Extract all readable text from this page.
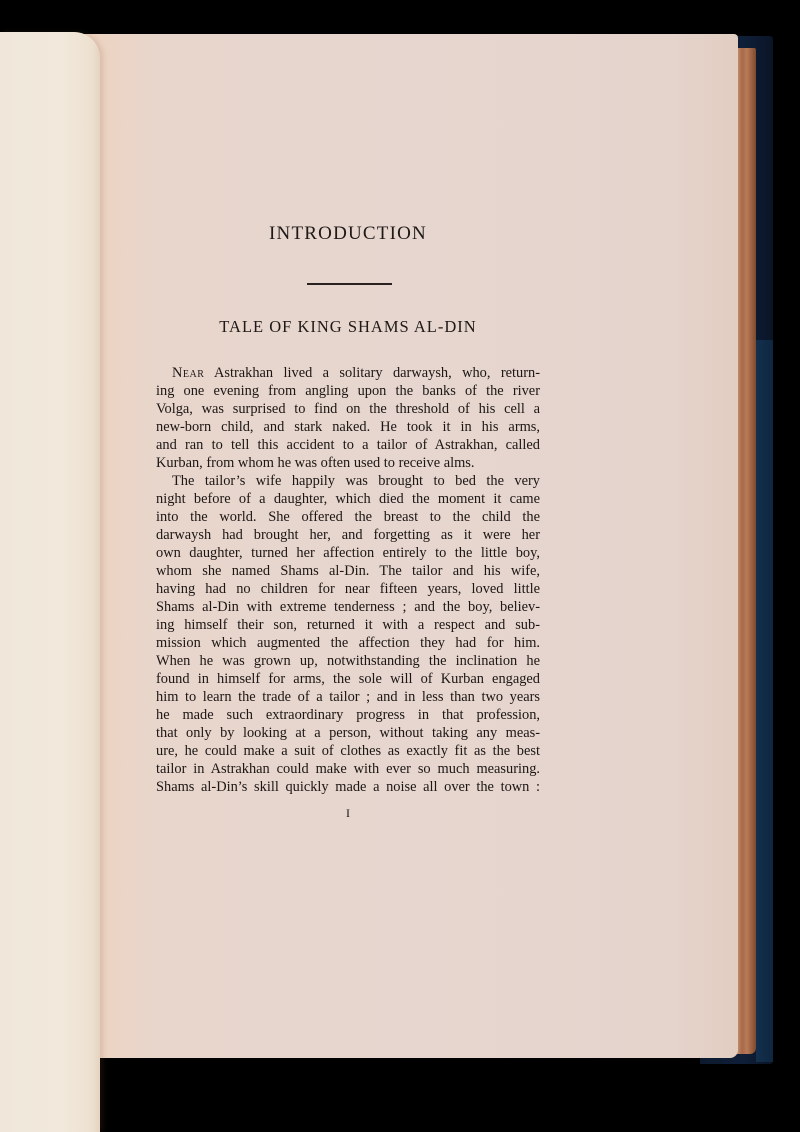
INTRODUCTION
TALE OF KING SHAMS AL-DIN
Near Astrakhan lived a solitary darwaysh, who, return-
ing one evening from angling upon the banks of the river
Volga, was surprised to find on the threshold of his cell a
new-born child, and stark naked. He took it in his arms,
and ran to tell this accident to a tailor of Astrakhan, called
Kurban, from whom he was often used to receive alms.
The tailor’s wife happily was brought to bed the very
night before of a daughter, which died the moment it came
into the world. She offered the breast to the child the
darwaysh had brought her, and forgetting as it were her
own daughter, turned her affection entirely to the little boy,
whom she named Shams al-Din. The tailor and his wife,
having had no children for near fifteen years, loved little
Shams al-Din with extreme tenderness ; and the boy, believ-
ing himself their son, returned it with a respect and sub-
mission which augmented the affection they had for him.
When he was grown up, notwithstanding the inclination he
found in himself for arms, the sole will of Kurban engaged
him to learn the trade of a tailor ; and in less than two years
he made such extraordinary progress in that profession,
that only by looking at a person, without taking any meas-
ure, he could make a suit of clothes as exactly fit as the best
tailor in Astrakhan could make with ever so much measuring.
Shams al-Din’s skill quickly made a noise all over the town :
I
